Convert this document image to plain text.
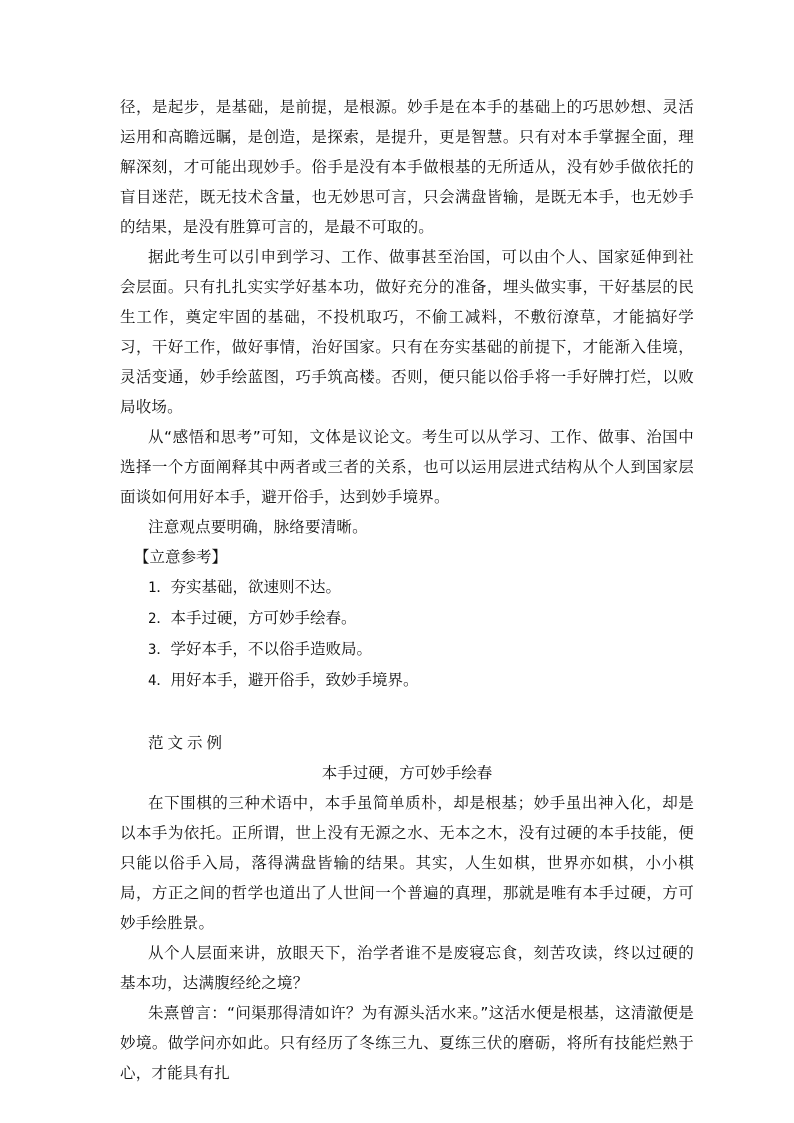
径，是起步，是基础，是前提，是根源。妙手是在本手的基础上的巧思妙想、灵活运用和高瞻远瞩，是创造，是探索，是提升，更是智慧。只有对本手掌握全面，理解深刻，才可能出现妙手。俗手是没有本手做根基的无所适从，没有妙手做依托的盲目迷茫，既无技术含量，也无妙思可言，只会满盘皆输，是既无本手，也无妙手的结果，是没有胜算可言的，是最不可取的。

据此考生可以引申到学习、工作、做事甚至治国，可以由个人、国家延伸到社会层面。只有扎扎实实学好基本功，做好充分的准备，埋头做实事，干好基层的民生工作，奠定牢固的基础，不投机取巧，不偷工减料，不敷衍潦草，才能搞好学习，干好工作，做好事情，治好国家。只有在夯实基础的前提下，才能渐入佳境，灵活变通，妙手绘蓝图，巧手筑高楼。否则，便只能以俗手将一手好牌打烂，以败局收场。

从“感悟和思考”可知，文体是议论文。考生可以从学习、工作、做事、治国中选择一个方面阐释其中两者或三者的关系，也可以运用层进式结构从个人到国家层面谈如何用好本手，避开俗手，达到妙手境界。

注意观点要明确，脉络要清晰。

【立意参考】

1．夯实基础，欲速则不达。

2．本手过硬，方可妙手绘春。

3．学好本手，不以俗手造败局。

4．用好本手，避开俗手，致妙手境界。

范文示例

本手过硬，方可妙手绘春

在下围棋的三种术语中，本手虽简单质朴，却是根基；妙手虽出神入化，却是以本手为依托。正所谓，世上没有无源之水、无本之木，没有过硬的本手技能，便只能以俗手入局，落得满盘皆输的结果。其实，人生如棋，世界亦如棋，小小棋局，方正之间的哲学也道出了人世间一个普遍的真理，那就是唯有本手过硬，方可妙手绘胜景。

从个人层面来讲，放眼天下，治学者谁不是废寝忘食，刻苦攻读，终以过硬的基本功，达满腹经纶之境？

朱熹曾言：“问渠那得清如许？为有源头活水来。”这活水便是根基，这清澈便是妙境。做学问亦如此。只有经历了冬练三九、夏练三伏的磨砺，将所有技能烂熟于心，才能具有扎
